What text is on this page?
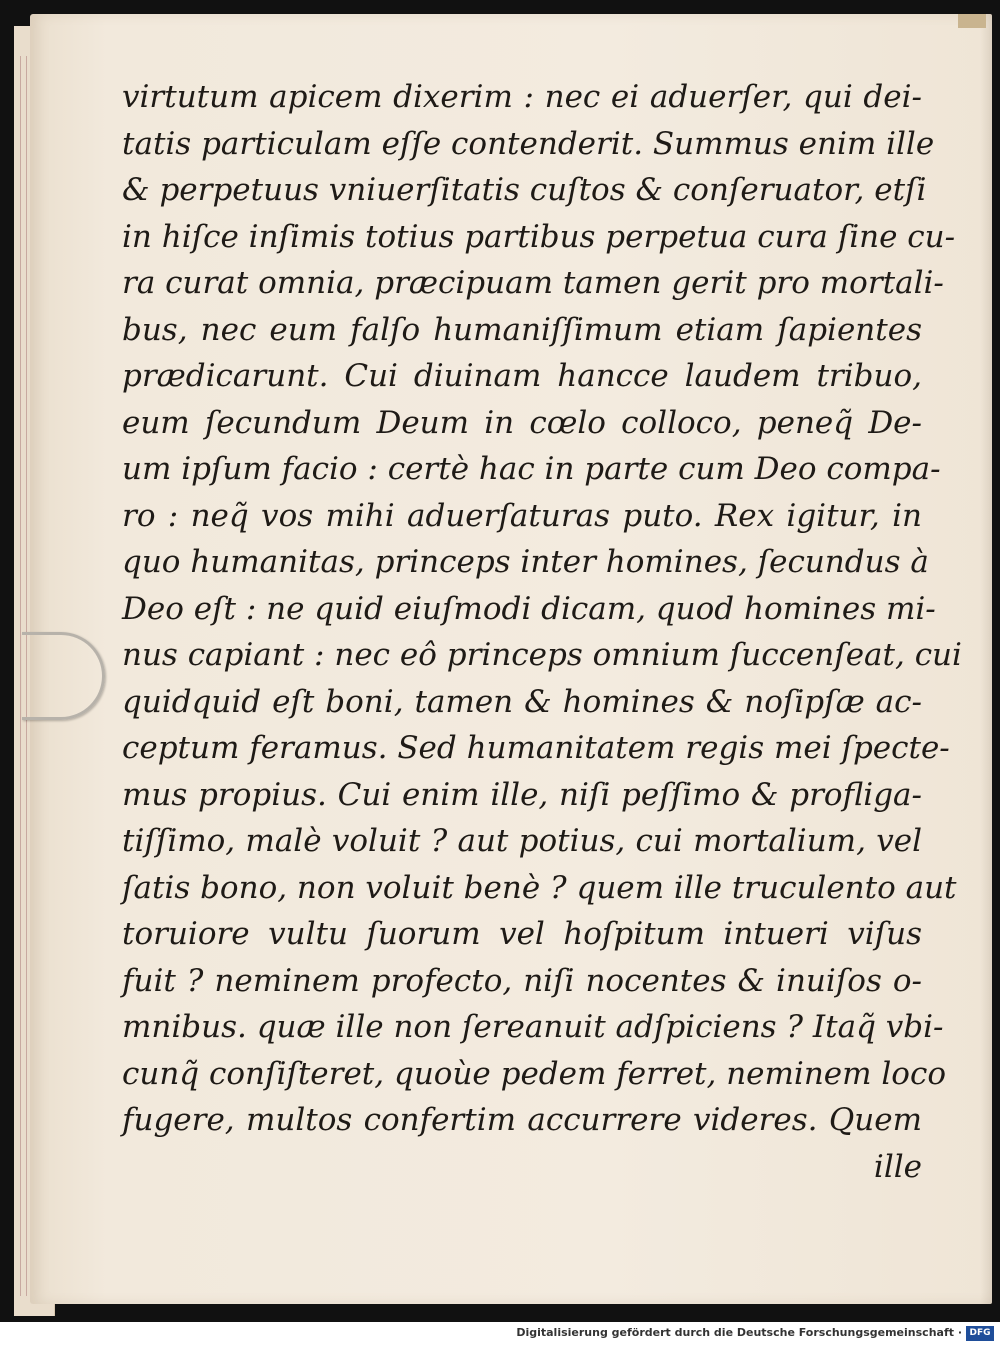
virtutum apicem dixerim : nec ei aduerſer, qui dei-
tatis particulam eſſe contenderit. Summus enim ille
& perpetuus vniuerſitatis cuſtos & conſeruator, etſi
in hiſce inſimis totius partibus perpetua cura ſine cu-
ra curat omnia, præcipuam tamen gerit pro mortali-
bus, nec eum falſo humaniſſimum etiam ſapientes
prædicarunt. Cui diuinam hancce laudem tribuo,
eum ſecundum Deum in cœlo colloco, peneq̃ De-
um ipſum facio : certè hac in parte cum Deo compa-
ro : neq̃ vos mihi aduerſaturas puto. Rex igitur, in
quo humanitas, princeps inter homines, ſecundus à
Deo eſt : ne quid eiuſmodi dicam, quod homines mi-
nus capiant : nec eô princeps omnium ſuccenſeat, cui
quidquid eſt boni, tamen & homines & noſipſæ ac-
ceptum feramus. Sed humanitatem regis mei ſpecte-
mus propius. Cui enim ille, niſi peſſimo & profliga-
tiſſimo, malè voluit ? aut potius, cui mortalium, vel
ſatis bono, non voluit benè ? quem ille truculento aut
toruiore vultu ſuorum vel hoſpitum intueri viſus
fuit ? neminem profecto, niſi nocentes & inuiſos o-
mnibus. quæ ille non ſereanuit adſpiciens ? Itaq̃ vbi-
cunq̃ conſiſteret, quoùe pedem ferret, neminem loco
fugere, multos confertim accurrere videres. Quem
ille
Digitalisierung gefördert durch die Deutsche Forschungsgemeinschaft · DFG
